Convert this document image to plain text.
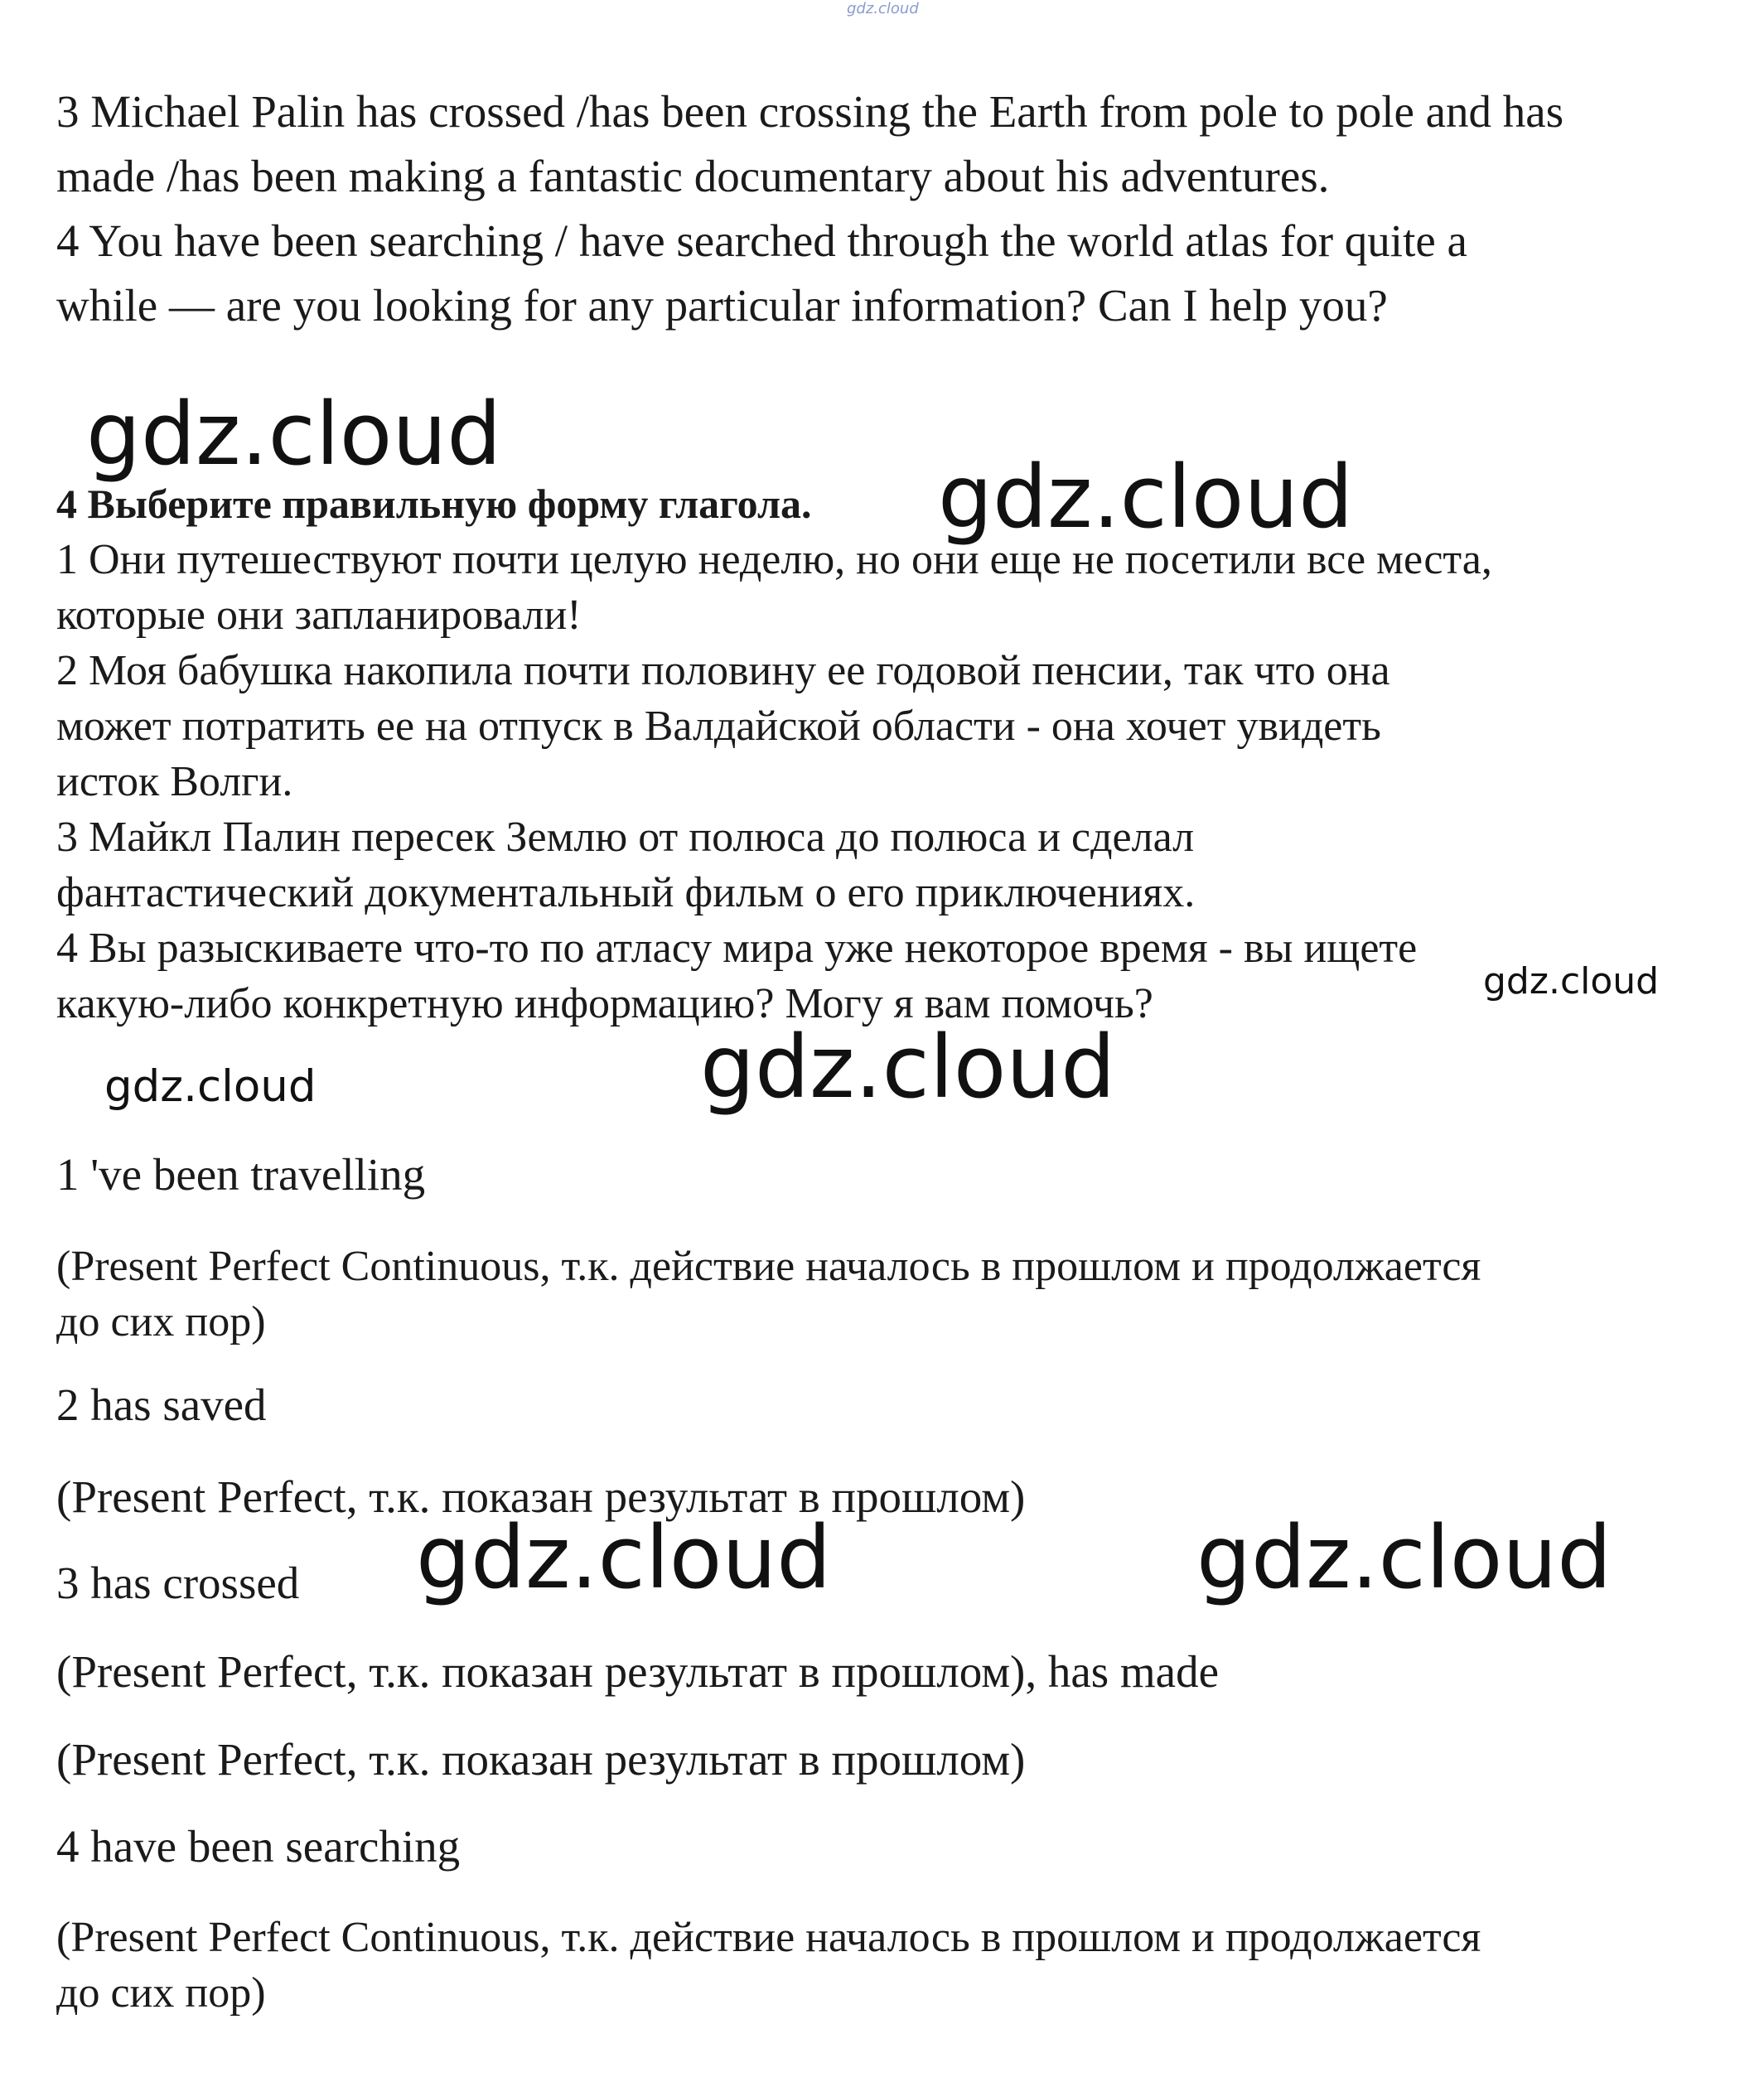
gdz.cloud

3 Michael Palin has crossed /has been crossing the Earth from pole to pole and has

made /has been making a fantastic documentary about his adventures.

4 You have been searching / have searched through the world atlas for quite a

while — are you looking for any particular information? Can I help you?

gdz.cloud

4 Выберите правильную форму глагола. gdz.cloud

1 Они путешествуют почти целую неделю, но они еще не посетили все места,

которые они запланировали!

2 Моя бабушка накопила почти половину ее годовой пенсии, так что она

может потратить ее на отпуск в Валдайской области - она хочет увидеть

исток Волги.

3 Майкл Палин пересек Землю от полюса до полюса и сделал

фантастический документальный фильм о его приключениях.

4 Вы разыскиваете что-то по атласу мира уже некоторое время - вы ищете

какую-либо конкретную информацию? Могу я вам помочь?	gdz.cloud
gdz.cloud	gdz.cloud

1 've been travelling

(Present Perfect Continuous, т.к. действие началось в прошлом и продолжается

до сих пор)

2 has saved

(Present Perfect, т.к. показан результат в прошлом)

3 has crossed gdz.cloud	gdz.cloud

(Present Perfect, т.к. показан результат в прошлом), has made

(Present Perfect, т.к. показан результат в прошлом)

4 have been searching

(Present Perfect Continuous, т.к. действие началось в прошлом и продолжается

до сих пор)
